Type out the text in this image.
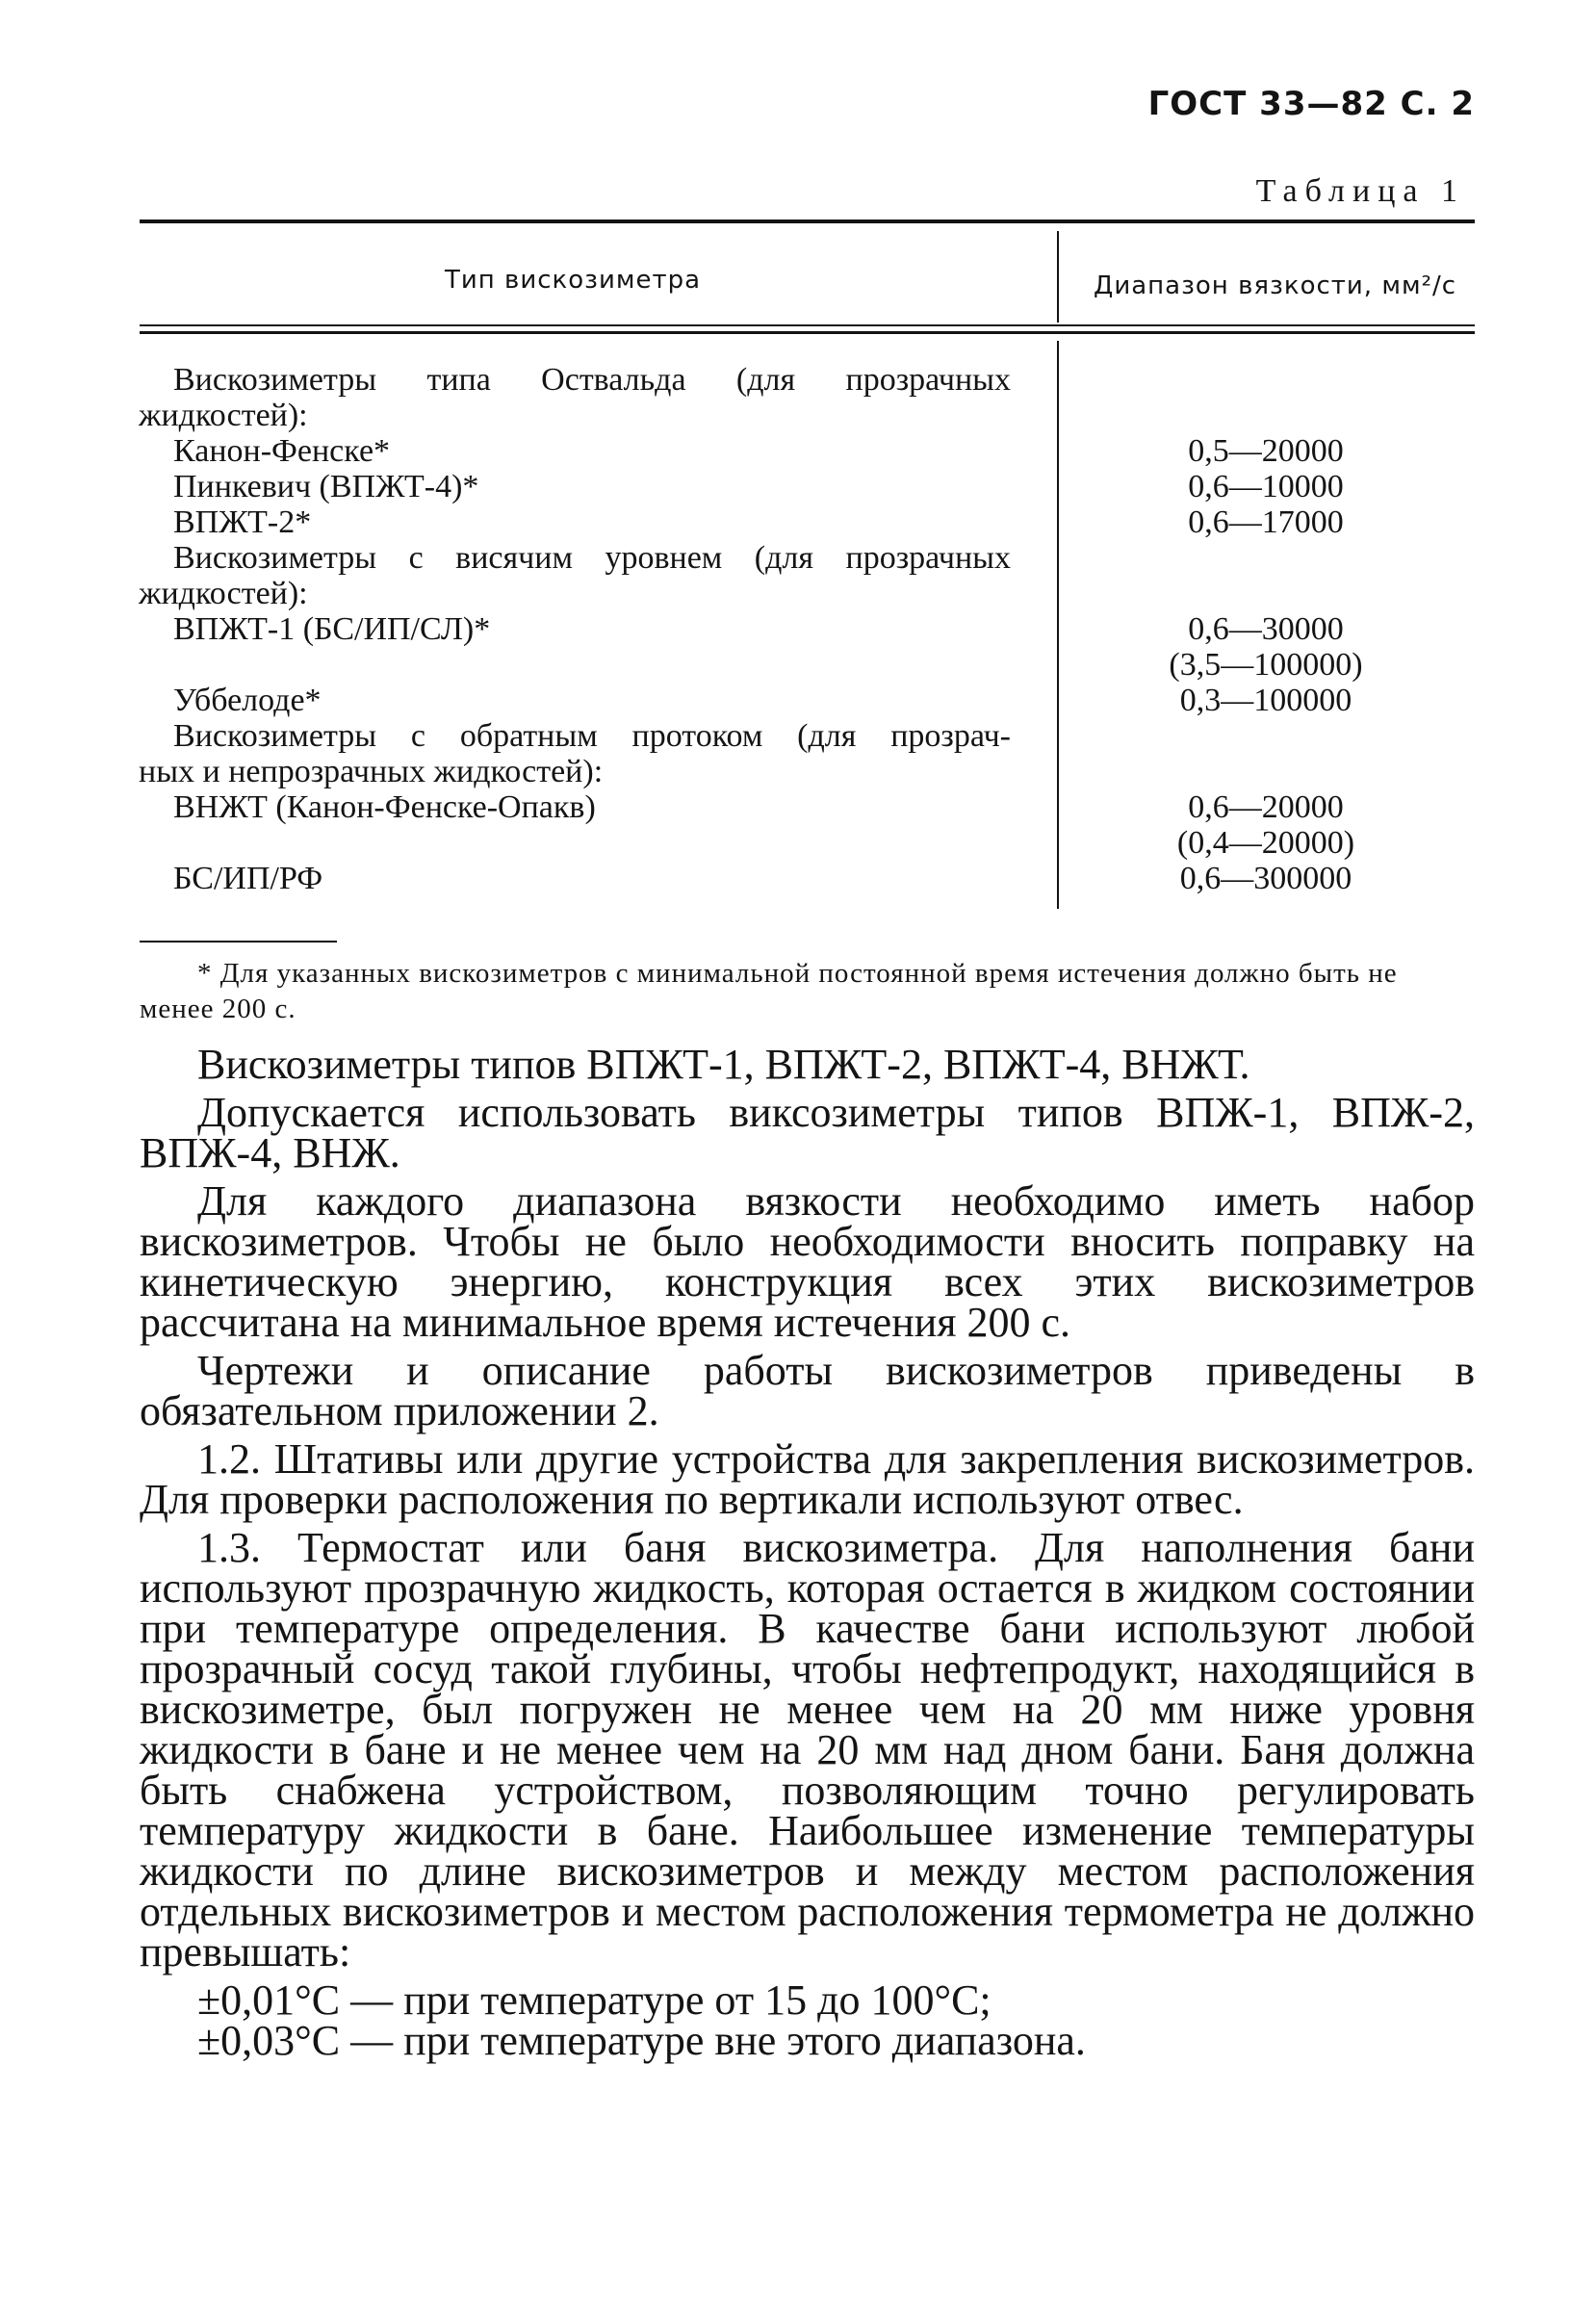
ГОСТ 33—82 С. 2
Таблица 1
Тип вискозиметра	Диапазон вязкости, мм²/с
Вискозиметры типа Оствальда (для прозрачных
жидкостей):
Канон-Фенске*
Пинкевич (ВПЖТ-4)*
ВПЖТ-2*
Вискозиметры с висячим уровнем (для прозрачных
жидкостей):
ВПЖТ-1 (БС/ИП/СЛ)*
Уббелоде*
Вискозиметры с обратным протоком (для прозрач-
ных и непрозрачных жидкостей):
ВНЖТ (Канон-Фенске-Опакв)
БС/ИП/РФ
0,5—20000
0,6—10000
0,6—17000
0,6—30000
(3,5—100000)
0,3—100000
0,6—20000
(0,4—20000)
0,6—300000
* Для указанных вискозиметров с минимальной постоянной время истечения должно быть не менее 200 с.

Вискозиметры типов ВПЖТ-1, ВПЖТ-2, ВПЖТ-4, ВНЖТ.

Допускается использовать виксозиметры типов ВПЖ-1, ВПЖ-2, ВПЖ-4, ВНЖ.

Для каждого диапазона вязкости необходимо иметь набор вискозиметров. Чтобы не было необходимости вносить поправку на кинетическую энергию, конструкция всех этих вискозиметров рассчитана на минимальное время истечения 200 с.

Чертежи и описание работы вискозиметров приведены в обязательном приложении 2.

1.2. Штативы или другие устройства для закрепления вискозиметров. Для проверки расположения по вертикали используют отвес.

1.3. Термостат или баня вискозиметра. Для наполнения бани используют прозрачную жидкость, которая остается в жидком состоянии при температуре определения. В качестве бани используют любой прозрачный сосуд такой глубины, чтобы нефтепродукт, находящийся в вискозиметре, был погружен не менее чем на 20 мм ниже уровня жидкости в бане и не менее чем на 20 мм над дном бани. Баня должна быть снабжена устройством, позволяющим точно регулировать температуру жидкости в бане. Наибольшее изменение температуры жидкости по длине вискозиметров и между местом расположения отдельных вискозиметров и местом расположения термометра не должно превышать:

±0,01°С — при температуре от 15 до 100°С;

±0,03°С — при температуре вне этого диапазона.
